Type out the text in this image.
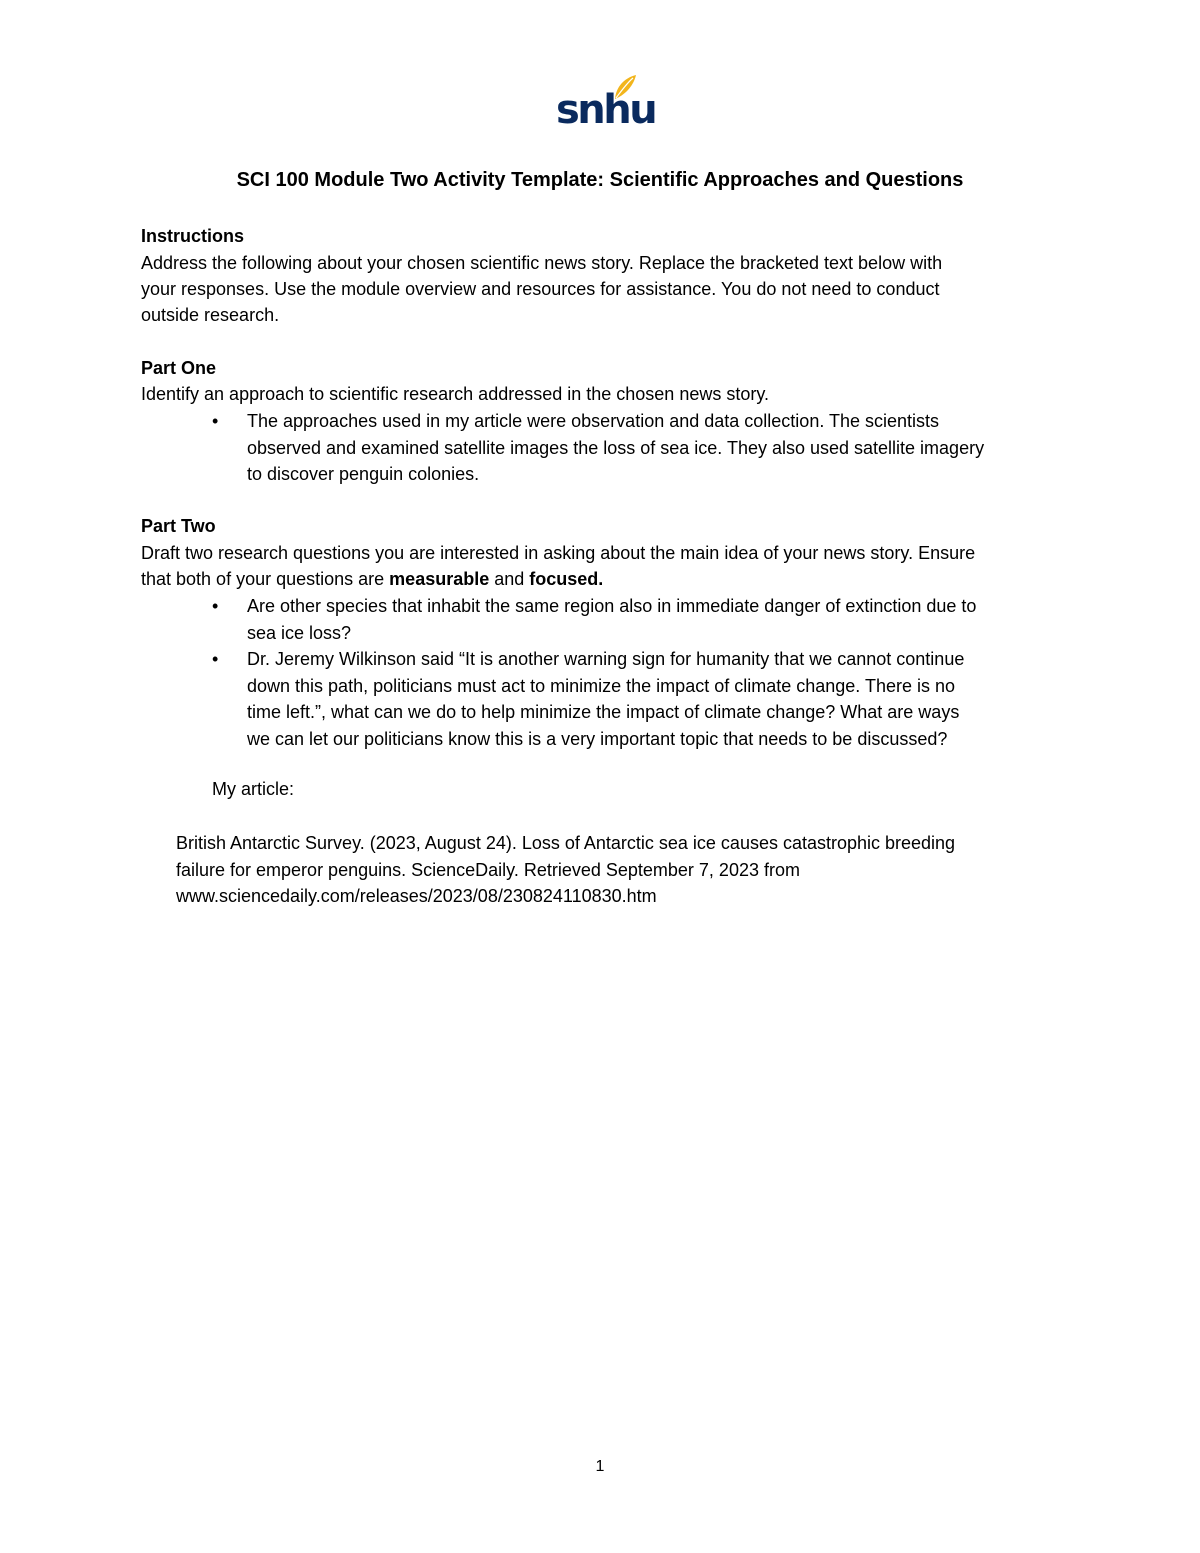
snhu
SCI 100 Module Two Activity Template: Scientific Approaches and Questions
Instructions
Address the following about your chosen scientific news story. Replace the bracketed text below with
your responses. Use the module overview and resources for assistance. You do not need to conduct
outside research.
Part One
Identify an approach to scientific research addressed in the chosen news story.
• The approaches used in my article were observation and data collection. The scientists
observed and examined satellite images the loss of sea ice. They also used satellite imagery
to discover penguin colonies.
Part Two
Draft two research questions you are interested in asking about the main idea of your news story. Ensure
that both of your questions are measurable and focused.
• Are other species that inhabit the same region also in immediate danger of extinction due to
sea ice loss?
• Dr. Jeremy Wilkinson said “It is another warning sign for humanity that we cannot continue
down this path, politicians must act to minimize the impact of climate change. There is no
time left.”, what can we do to help minimize the impact of climate change? What are ways
we can let our politicians know this is a very important topic that needs to be discussed?
My article:
British Antarctic Survey. (2023, August 24). Loss of Antarctic sea ice causes catastrophic breeding
failure for emperor penguins. ScienceDaily. Retrieved September 7, 2023 from
www.sciencedaily.com/releases/2023/08/230824110830.htm
1
